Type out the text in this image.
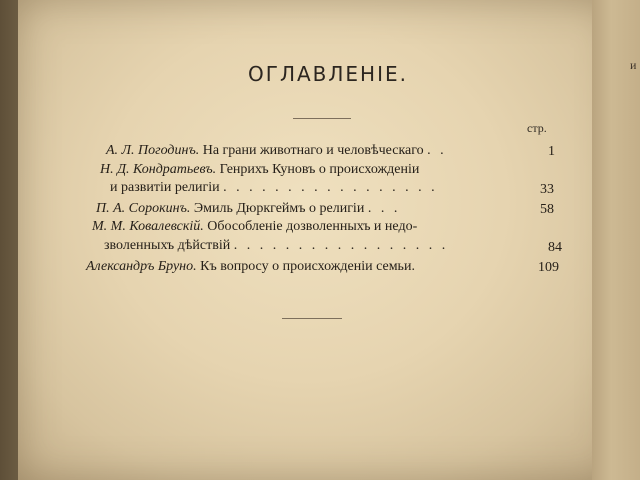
и
ОГЛАВЛЕНІЕ.
стр.
А. Л. Погодинъ. На грани животнаго и человѣческаго . .	1
Н. Д. Кондратьевъ. Генрихъ Куновъ о происхожденіи
и развитіи религіи . . . . . . . . . . . . . . . . .	33
П. А. Сорокинъ. Эмиль Дюркгеймъ о религіи . . .	58
М. М. Ковалевскій. Обособленіе дозволенныхъ и недо-
зволенныхъ дѣйствій . . . . . . . . . . . . . . . . .	84
Александръ Бруно. Къ вопросу о происхожденіи семьи.	109
